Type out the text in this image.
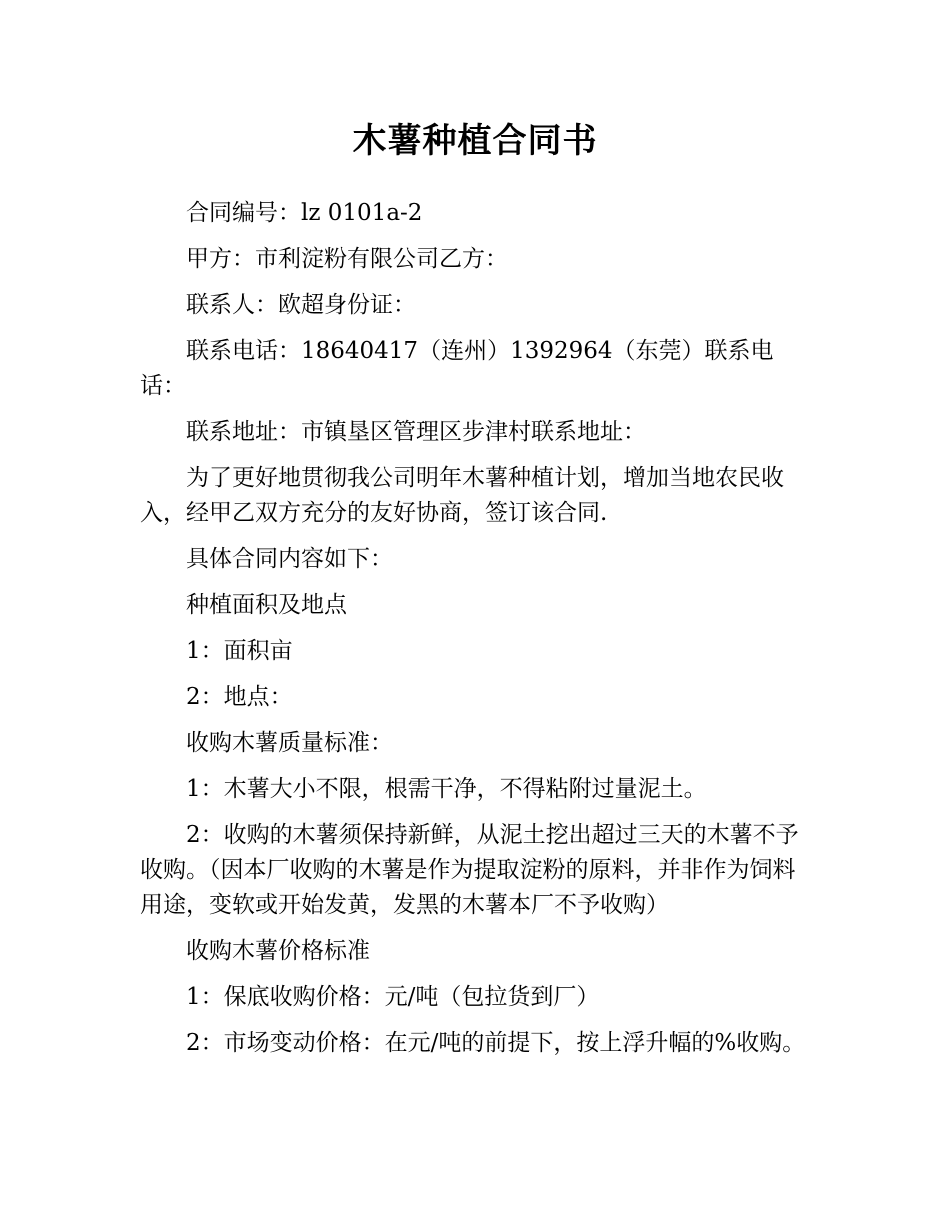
木薯种植合同书

合同编号：lz 0101a-2

甲方：市利淀粉有限公司乙方：

联系人：欧超身份证：

联系电话：18640417（连州）1392964（东莞）联系电话：

联系地址：市镇垦区管理区步津村联系地址：

为了更好地贯彻我公司明年木薯种植计划，增加当地农民收入，经甲乙双方充分的友好协商，签订该合同.

具体合同内容如下：

种植面积及地点

1：面积亩

2：地点：

收购木薯质量标准：

1：木薯大小不限，根需干净，不得粘附过量泥土。

2：收购的木薯须保持新鲜，从泥土挖出超过三天的木薯不予收购。（因本厂收购的木薯是作为提取淀粉的原料，并非作为饲料用途，变软或开始发黄，发黑的木薯本厂不予收购）

收购木薯价格标准

1：保底收购价格：元/吨（包拉货到厂）

2：市场变动价格：在元/吨的前提下，按上浮升幅的%收购。
